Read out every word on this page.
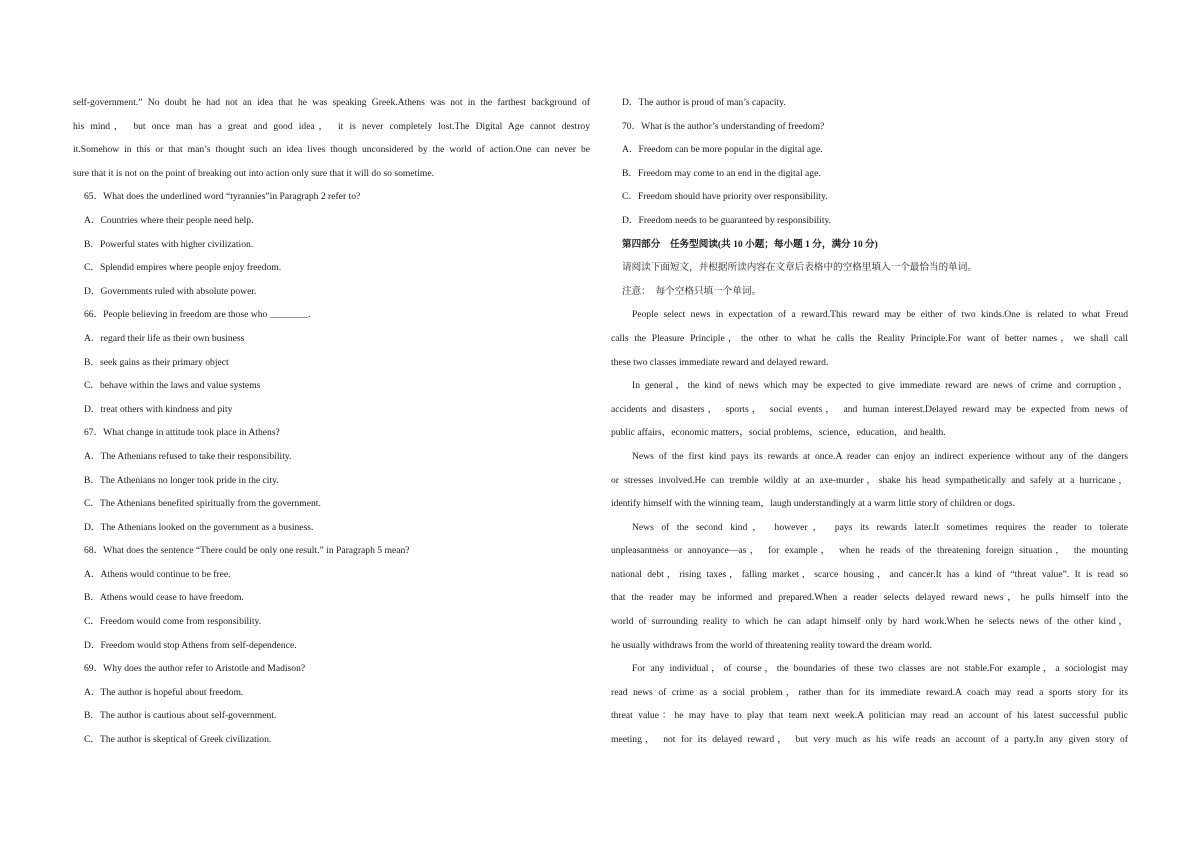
self-government.” No doubt he had not an idea that he was speaking Greek.Athens was not in the farthest background of
his mind， but once man has a great and good idea， it is never completely lost.The Digital Age cannot destroy
it.Somehow in this or that man’s thought such an idea lives though unconsidered by the world of action.One can never be
sure that it is not on the point of breaking out into action only sure that it will do so sometime.
65．What does the underlined word “tyrannies”in Paragraph 2 refer to?
A．Countries where their people need help.
B．Powerful states with higher civilization.
C．Splendid empires where people enjoy freedom.
D．Governments ruled with absolute power.
66．People believing in freedom are those who ________.
A．regard their life as their own business
B．seek gains as their primary object
C．behave within the laws and value systems
D．treat others with kindness and pity
67．What change in attitude took place in Athens?
A．The Athenians refused to take their responsibility.
B．The Athenians no longer took pride in the city.
C．The Athenians benefited spiritually from the government.
D．The Athenians looked on the government as a business.
68．What does the sentence “There could be only one result.” in Paragraph 5 mean?
A．Athens would continue to be free.
B．Athens would cease to have freedom.
C．Freedom would come from responsibility.
D．Freedom would stop Athens from self-dependence.
69．Why does the author refer to Aristotle and Madison?
A．The author is hopeful about freedom.
B．The author is cautious about self-government.
C．The author is skeptical of Greek civilization.
D．The author is proud of man’s capacity.
70．What is the author’s understanding of freedom?
A．Freedom can be more popular in the digital age.
B．Freedom may come to an end in the digital age.
C．Freedom should have priority over responsibility.
D．Freedom needs to be guaranteed by responsibility.
第四部分　任务型阅读(共 10 小题；每小题 1 分，满分 10 分)
请阅读下面短文，并根据所读内容在文章后表格中的空格里填入一个最恰当的单词。
注意：　每个空格只填一个单词。
People select news in expectation of a reward.This reward may be either of two kinds.One is related to what Freud
calls the Pleasure Principle，the other to what he calls the Reality Principle.For want of better names，we shall call
these two classes immediate reward and delayed reward.
In general，the kind of news which may be expected to give immediate reward are news of crime and corruption，
accidents and disasters， sports， social events， and human interest.Delayed reward may be expected from news of
public affairs，economic matters，social problems，science，education，and health.
News of the first kind pays its rewards at once.A reader can enjoy an indirect experience without any of the dangers
or stresses involved.He can tremble wildly at an axe-murder，shake his head sympathetically and safely at a hurricane，
identify himself with the winning team，laugh understandingly at a warm little story of children or dogs.
News of the second kind， however， pays its rewards later.It sometimes requires the reader to tolerate
unpleasantness or annoyance—as， for example， when he reads of the threatening foreign situation， the mounting
national debt，rising taxes，falling market，scarce housing，and cancer.It has a kind of “threat value”. It is read so
that the reader may be informed and prepared.When a reader selects delayed reward news，he pulls himself into the
world of surrounding reality to which he can adapt himself only by hard work.When he selects news of the other kind，
he usually withdraws from the world of threatening reality toward the dream world.
For any individual，of course，the boundaries of these two classes are not stable.For example，a sociologist may
read news of crime as a social problem，rather than for its immediate reward.A coach may read a sports story for its
threat value：he may have to play that team next week.A politician may read an account of his latest successful public
meeting， not for its delayed reward， but very much as his wife reads an account of a party.In any given story of
